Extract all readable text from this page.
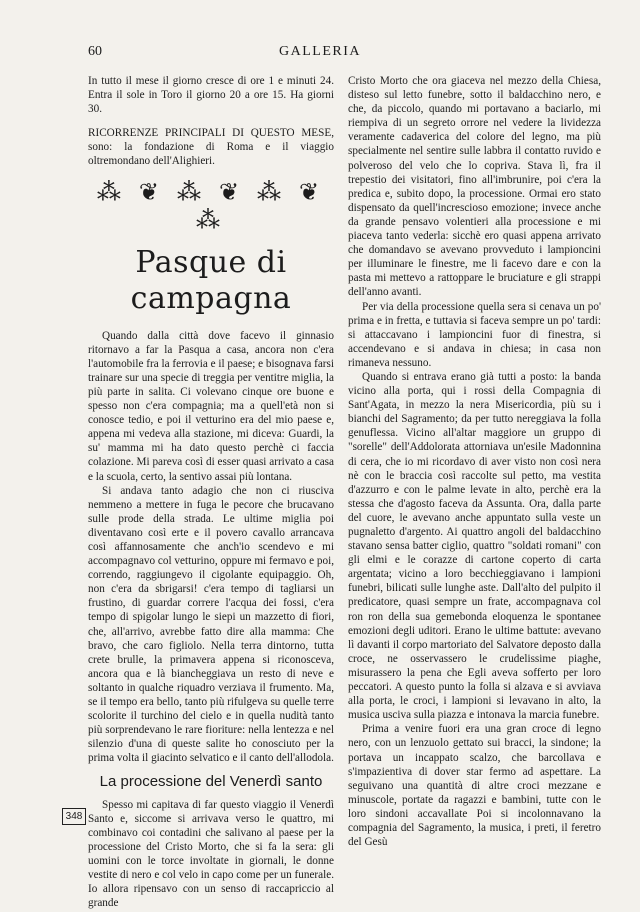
60	GALLERIA

In tutto il mese il giorno cresce di ore 1 e minuti 24. Entra il sole in Toro il giorno 20 a ore 15. Ha giorni 30.

RICORRENZE PRINCIPALI DI QUESTO MESE, sono: la fondazione di Roma e il viaggio oltremondano dell'Alighieri.

⁂ ❦ ⁂ ❦ ⁂ ❦ ⁂
Pasque di campagna

Quando dalla città dove facevo il ginnasio ritornavo a far la Pasqua a casa, ancora non c'era l'automobile fra la ferrovia e il paese; e bisognava farsi trainare sur una specie di treggia per ventitre miglia, la più parte in salita. Ci volevano cinque ore buone e spesso non c'era compagnia; ma a quell'età non si conosce tedio, e poi il vetturino era del mio paese e, appena mi vedeva alla stazione, mi diceva: Guardi, la su' mamma mi ha dato questo perchè ci faccia colazione. Mi pareva così di esser quasi arrivato a casa e la scuola, certo, la sentivo assai più lontana.

Si andava tanto adagio che non ci riusciva nemmeno a mettere in fuga le pecore che brucavano sulle prode della strada. Le ultime miglia poi diventavano così erte e il povero cavallo arrancava così affannosamente che anch'io scendevo e mi accompagnavo col vetturino, oppure mi fermavo e poi, correndo, raggiungevo il cigolante equipaggio. Oh, non c'era da sbrigarsi! c'era tempo di tagliarsi un frustino, di guardar correre l'acqua dei fossi, c'era tempo di spigolar lungo le siepi un mazzetto di fiori, che, all'arrivo, avrebbe fatto dire alla mamma: Che bravo, che caro figliolo. Nella terra dintorno, tutta crete brulle, la primavera appena si riconosceva, ancora qua e là biancheggiava un resto di neve e soltanto in qualche riquadro verziava il frumento. Ma, se il tempo era bello, tanto più rifulgeva su quelle terre scolorite il turchino del cielo e in quella nudità tanto più sorprendevano le rare fioriture: nella lentezza e nel silenzio d'una di queste salite ho conosciuto per la prima volta il giacinto selvatico e il canto dell'allodola.

La processione del Venerdì santo

Spesso mi capitava di far questo viaggio il Venerdì Santo e, siccome si arrivava verso le quattro, mi combinavo coi contadini che salivano al paese per la processione del Cristo Morto, che si fa la sera: gli uomini con le torce involtate in giornali, le donne vestite di nero e col velo in capo come per un funerale. Io allora ripensavo con un senso di raccapriccio al grande

Cristo Morto che ora giaceva nel mezzo della Chiesa, disteso sul letto funebre, sotto il baldacchino nero, e che, da piccolo, quando mi portavano a baciarlo, mi riempiva di un segreto orrore nel vedere la lividezza veramente cadaverica del colore del legno, ma più specialmente nel sentire sulle labbra il contatto ruvido e polveroso del velo che lo copriva. Stava lì, fra il trepestio dei visitatori, fino all'imbrunire, poi c'era la predica e, subito dopo, la processione. Ormai ero stato dispensato da quell'increscioso emozione; invece anche da grande pensavo volentieri alla processione e mi piaceva tanto vederla: sicchè ero quasi appena arrivato che domandavo se avevano provveduto i lampioncini per illuminare le finestre, me li facevo dare e con la pasta mi mettevo a rattoppare le bruciature e gli strappi dell'anno avanti.

Per via della processione quella sera si cenava un po' prima e in fretta, e tuttavia si faceva sempre un po' tardi: si attaccavano i lampioncini fuor di finestra, si accendevano e si andava in chiesa; in casa non rimaneva nessuno.

Quando si entrava erano già tutti a posto: la banda vicino alla porta, qui i rossi della Compagnia di Sant'Agata, in mezzo la nera Misericordia, più su i bianchi del Sagramento; da per tutto nereggiava la folla genuflessa. Vicino all'altar maggiore un gruppo di "sorelle" dell'Addolorata attorniava un'esile Madonnina di cera, che io mi ricordavo di aver visto non così nera nè con le braccia così raccolte sul petto, ma vestita d'azzurro e con le palme levate in alto, perchè era la stessa che d'agosto faceva da Assunta. Ora, dalla parte del cuore, le avevano anche appuntato sulla veste un pugnaletto d'argento. Ai quattro angoli del baldacchino stavano sensa batter ciglio, quattro "soldati romani" con gli elmi e le corazze di cartone coperto di carta argentata; vicino a loro becchieggiavano i lampioni funebri, bilicati sulle lunghe aste. Dall'alto del pulpito il predicatore, quasi sempre un frate, accompagnava col ron ron della sua gemebonda eloquenza le spontanee emozioni degli uditori. Erano le ultime battute: avevano lì davanti il corpo martoriato del Salvatore deposto dalla croce, ne osservassero le crudelissime piaghe, misurassero la pena che Egli aveva sofferto per loro peccatori. A questo punto la folla si alzava e si avviava alla porta, le croci, i lampioni si levavano in alto, la musica usciva sulla piazza e intonava la marcia funebre.

Prima a venire fuori era una gran croce di legno nero, con un lenzuolo gettato sui bracci, la sindone; la portava un incappato scalzo, che barcollava e s'impazientiva di dover star fermo ad aspettare. La seguivano una quantità di altre croci mezzane e minuscole, portate da ragazzi e bambini, tutte con le loro sindoni accavallate Poi si incolonnavano la compagnia del Sagramento, la musica, i preti, il feretro del Gesù

348
